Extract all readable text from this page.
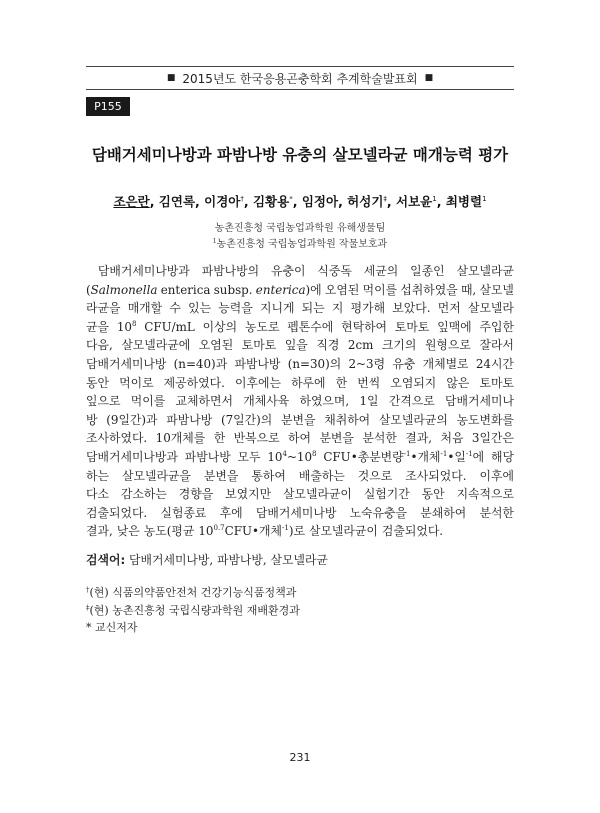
■ 2015년도 한국응용곤충학회 추계학술발표회 ■
P155
담배거세미나방과 파밤나방 유충의 살모넬라균 매개능력 평가
조은란, 김연록, 이경아†, 김황용*, 임정아, 허성기‡, 서보윤$^1$, 최병렬$^1$
농촌진흥청 국립농업과학원 유해생물팀
$^1$농촌진흥청 국립농업과학원 작물보호과
　담배거세미나방과 파밤나방의 유충이 식중독 세균의 일종인 살모넬라균
(Salmonella enterica subsp. enterica)에 오염된 먹이를 섭취하였을 때, 살모넬
라균을 매개할 수 있는 능력을 지니게 되는 지 평가해 보았다. 먼저 살모넬라
균을 $10^8$ CFU/mL 이상의 농도로 펩톤수에 현탁하여 토마토 잎맥에 주입한
다음, 살모넬라균에 오염된 토마토 잎을 직경 2cm 크기의 원형으로 잘라서
담배거세미나방 (n=40)과 파밤나방 (n=30)의 2~3령 유충 개체별로 24시간
동안 먹이로 제공하였다. 이후에는 하루에 한 번씩 오염되지 않은 토마토
잎으로 먹이를 교체하면서 개체사육 하였으며, 1일 간격으로 담배거세미나
방 (9일간)과 파밤나방 (7일간)의 분변을 채취하여 살모넬라균의 농도변화를
조사하였다. 10개체를 한 반복으로 하여 분변을 분석한 결과, 처음 3일간은
담배거세미나방과 파밤나방 모두 $10^4\sim 10^8$ CFU•총분변량$^{-1}$•개체$^{-1}$•일$^{-1}$에 해당
하는 살모넬라균을 분변을 통하여 배출하는 것으로 조사되었다. 이후에
다소 감소하는 경향을 보였지만 살모넬라균이 실험기간 동안 지속적으로
검출되었다. 실험종료 후에 담배거세미나방 노숙유충을 분쇄하여 분석한
결과, 낮은 농도(평균 $10^{0.7}CFU•$개체$^{-1}$)로 살모넬라균이 검출되었다.
검색어: 담배거세미나방, 파밤나방, 살모넬라균
†(현) 식품의약품안전처 건강기능식품정책과
‡(현) 농촌진흥청 국립식량과학원 재배환경과
* 교신저자
231
